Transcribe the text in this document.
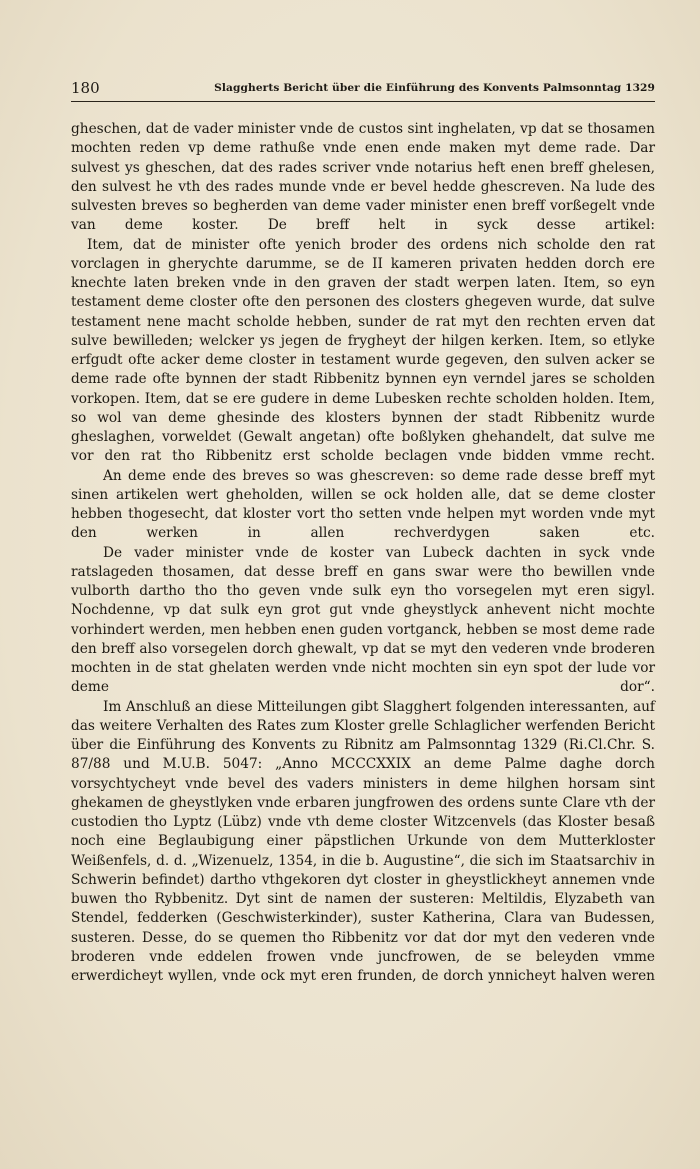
180	Slaggherts Bericht über die Einführung des Konvents Palmsonntag 1329

gheschen, dat de vader minister vnde de custos sint inghelaten, vp dat se thosamen mochten reden vp deme rathuße vnde enen ende maken myt deme rade. Dar sulvest ys gheschen, dat des rades scriver vnde notarius heft enen breff ghelesen, den sulvest he vth des rades munde vnde er bevel hedde ghescreven. Na lude des sulvesten breves so begherden van deme vader minister enen breff vorßegelt vnde van deme koster. De breff helt in syck desse artikel:

Item, dat de minister ofte yenich broder des ordens nich scholde den rat vorclagen in gherychte darumme, se de II kameren privaten hedden dorch ere knechte laten breken vnde in den graven der stadt werpen laten. Item, so eyn testament deme closter ofte den personen des closters ghegeven wurde, dat sulve testament nene macht scholde hebben, sunder de rat myt den rechten erven dat sulve bewilleden; welcker ys jegen de frygheyt der hilgen kerken. Item, so etlyke erfgudt ofte acker deme closter in testament wurde gegeven, den sulven acker se deme rade ofte bynnen der stadt Ribbenitz bynnen eyn verndel jares se scholden vorkopen. Item, dat se ere gudere in deme Lubesken rechte scholden holden. Item, so wol van deme ghesinde des klosters bynnen der stadt Ribbenitz wurde gheslaghen, vorweldet (Gewalt angetan) ofte boßlyken ghehandelt, dat sulve me vor den rat tho Ribbenitz erst scholde beclagen vnde bidden vmme recht.

An deme ende des breves so was ghescreven: so deme rade desse breff myt sinen artikelen wert gheholden, willen se ock holden alle, dat se deme closter hebben thogesecht, dat kloster vort tho setten vnde helpen myt worden vnde myt den werken in allen rechverdygen saken etc.

De vader minister vnde de koster van Lubeck dachten in syck vnde ratslageden thosamen, dat desse breff en gans swar were tho bewillen vnde vulborth dartho tho tho geven vnde sulk eyn tho vorsegelen myt eren sigyl. Nochdenne, vp dat sulk eyn grot gut vnde gheystlyck anhevent nicht mochte vorhindert werden, men hebben enen guden vortganck, hebben se most deme rade den breff also vorsegelen dorch ghewalt, vp dat se myt den vederen vnde broderen mochten in de stat ghelaten werden vnde nicht mochten sin eyn spot der lude vor deme dor“.

Im Anschluß an diese Mitteilungen gibt Slagghert folgenden interessanten, auf das weitere Verhalten des Rates zum Kloster grelle Schlaglicher werfenden Bericht über die Einführung des Konvents zu Ribnitz am Palmsonntag 1329 (Ri.Cl.Chr. S. 87/88 und M.U.B. 5047: „Anno MCCCXXIX an deme Palme daghe dorch vorsychtycheyt vnde bevel des vaders ministers in deme hilghen horsam sint ghekamen de gheystlyken vnde erbaren jungfrowen des ordens sunte Clare vth der custodien tho Lyptz (Lübz) vnde vth deme closter Witzcenvels (das Kloster besaß noch eine Beglaubigung einer päpstlichen Urkunde von dem Mutterkloster Weißenfels, d. d. „Wizenuelz, 1354, in die b. Augustine“, die sich im Staatsarchiv in Schwerin befindet) dartho vthgekoren dyt closter in gheystlickheyt annemen vnde buwen tho Rybbenitz. Dyt sint de namen der susteren: Meltildis, Elyzabeth van Stendel, fedderken (Geschwisterkinder), suster Katherina, Clara van Budessen, susteren. Desse, do se quemen tho Ribbenitz vor dat dor myt den vederen vnde broderen vnde eddelen frowen vnde juncfrowen, de se beleyden vmme erwerdicheyt wyllen, vnde ock myt eren frunden, de dorch ynnicheyt halven weren
